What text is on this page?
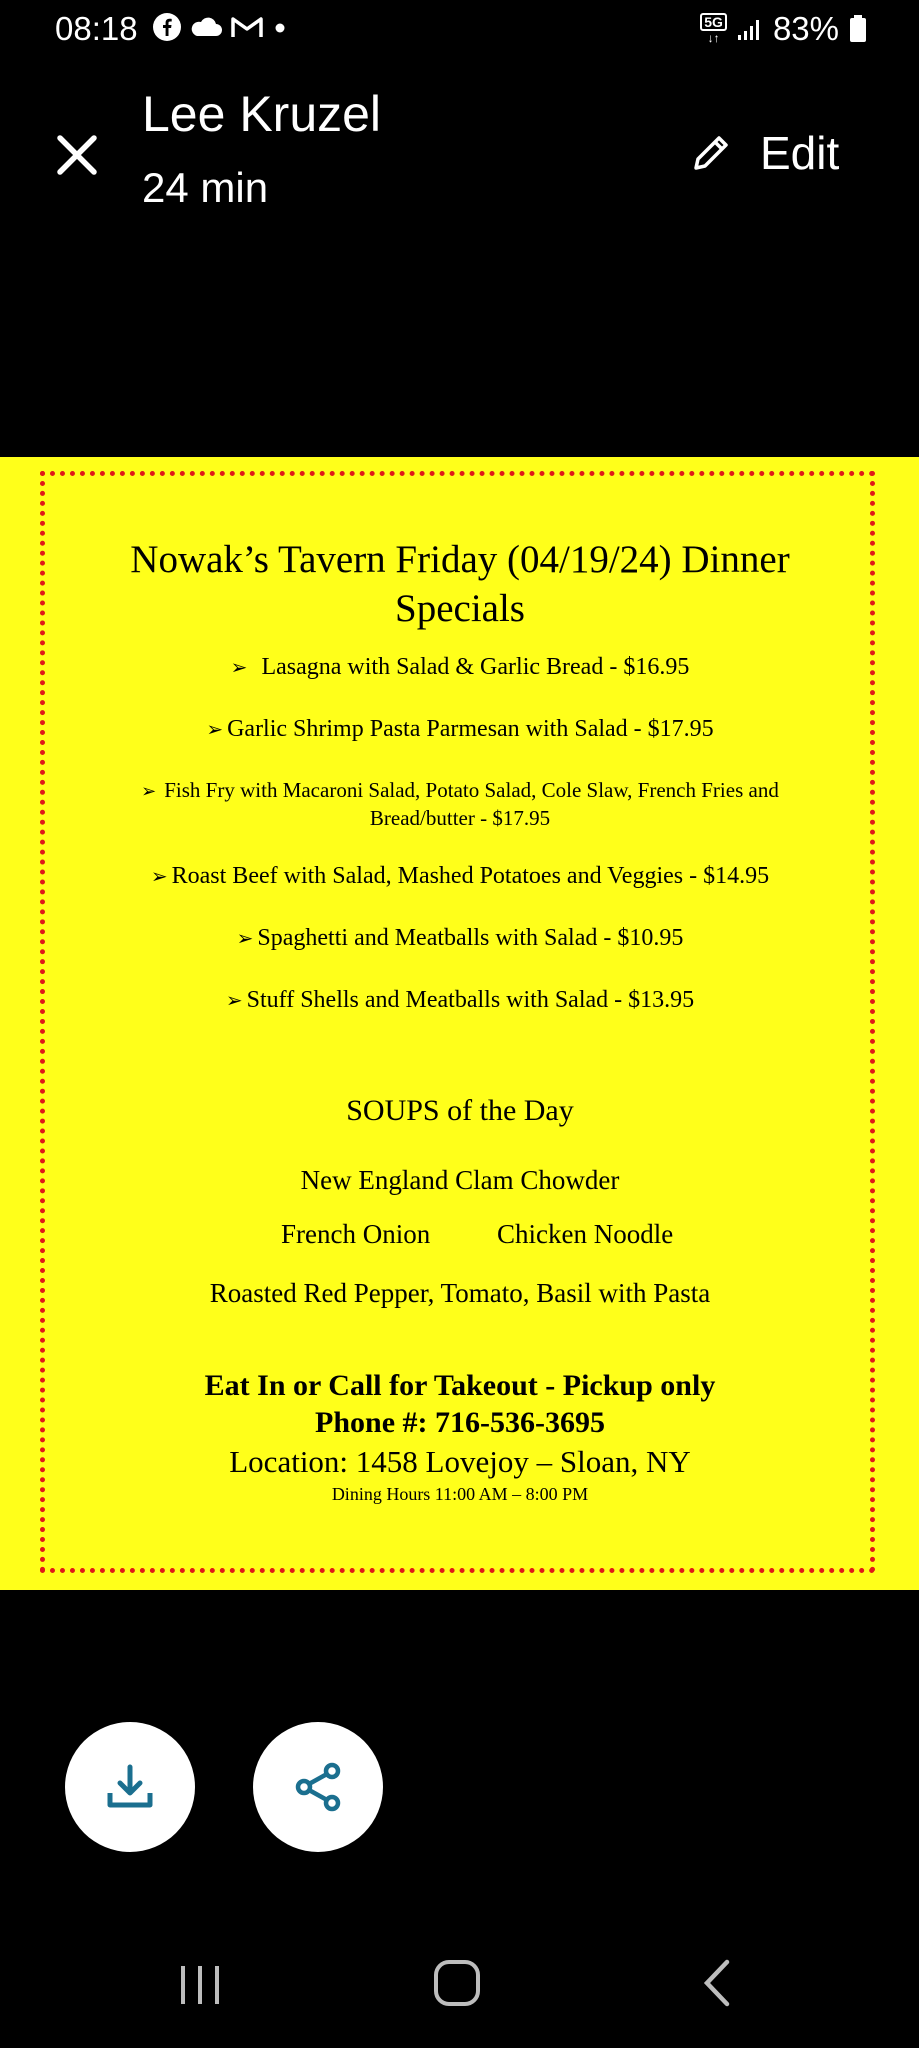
08:18	5G
↓↑ 83%
Lee Kruzel
24 min
Edit
Nowak’s Tavern Friday (04/19/24) Dinner
Specials
➢ Lasagna with Salad & Garlic Bread - $16.95
➢ Garlic Shrimp Pasta Parmesan with Salad - $17.95
➢ Fish Fry with Macaroni Salad, Potato Salad, Cole Slaw, French Fries and
Bread/butter - $17.95
➢ Roast Beef with Salad, Mashed Potatoes and Veggies - $14.95
➢ Spaghetti and Meatballs with Salad - $10.95
➢ Stuff Shells and Meatballs with Salad - $13.95
SOUPS of the Day
New England Clam Chowder
French Onion Chicken Noodle
Roasted Red Pepper, Tomato, Basil with Pasta
Eat In or Call for Takeout - Pickup only
Phone #: 716-536-3695
Location: 1458 Lovejoy – Sloan, NY
Dining Hours 11:00 AM – 8:00 PM
